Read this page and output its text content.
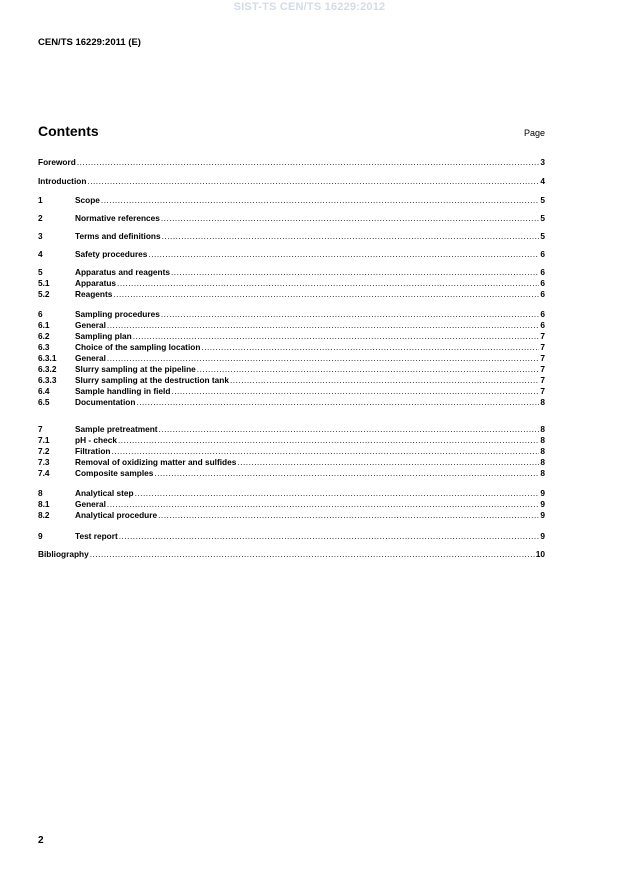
SIST-TS CEN/TS 16229:2012
CEN/TS 16229:2011 (E)
Contents	Page
Foreword .....	3
Introduction .....	4
1	Scope .....	5
2	Normative references .....	5
3	Terms and definitions .....	5
4	Safety procedures .....	6
5	Apparatus and reagents .....	6
5.1	Apparatus .....	6
5.2	Reagents .....	6
6	Sampling procedures .....	6
6.1	General .....	6
6.2	Sampling plan .....	7
6.3	Choice of the sampling location .....	7
6.3.1	General .....	7
6.3.2	Slurry sampling at the pipeline .....	7
6.3.3	Slurry sampling at the destruction tank .....	7
6.4	Sample handling in field .....	7
6.5	Documentation .....	8
7	Sample pretreatment .....	8
7.1	pH - check .....	8
7.2	Filtration .....	8
7.3	Removal of oxidizing matter and sulfides .....	8
7.4	Composite samples .....	8
8	Analytical step .....	9
8.1	General .....	9
8.2	Analytical procedure .....	9
9	Test report .....	9
Bibliography .....	10
2
